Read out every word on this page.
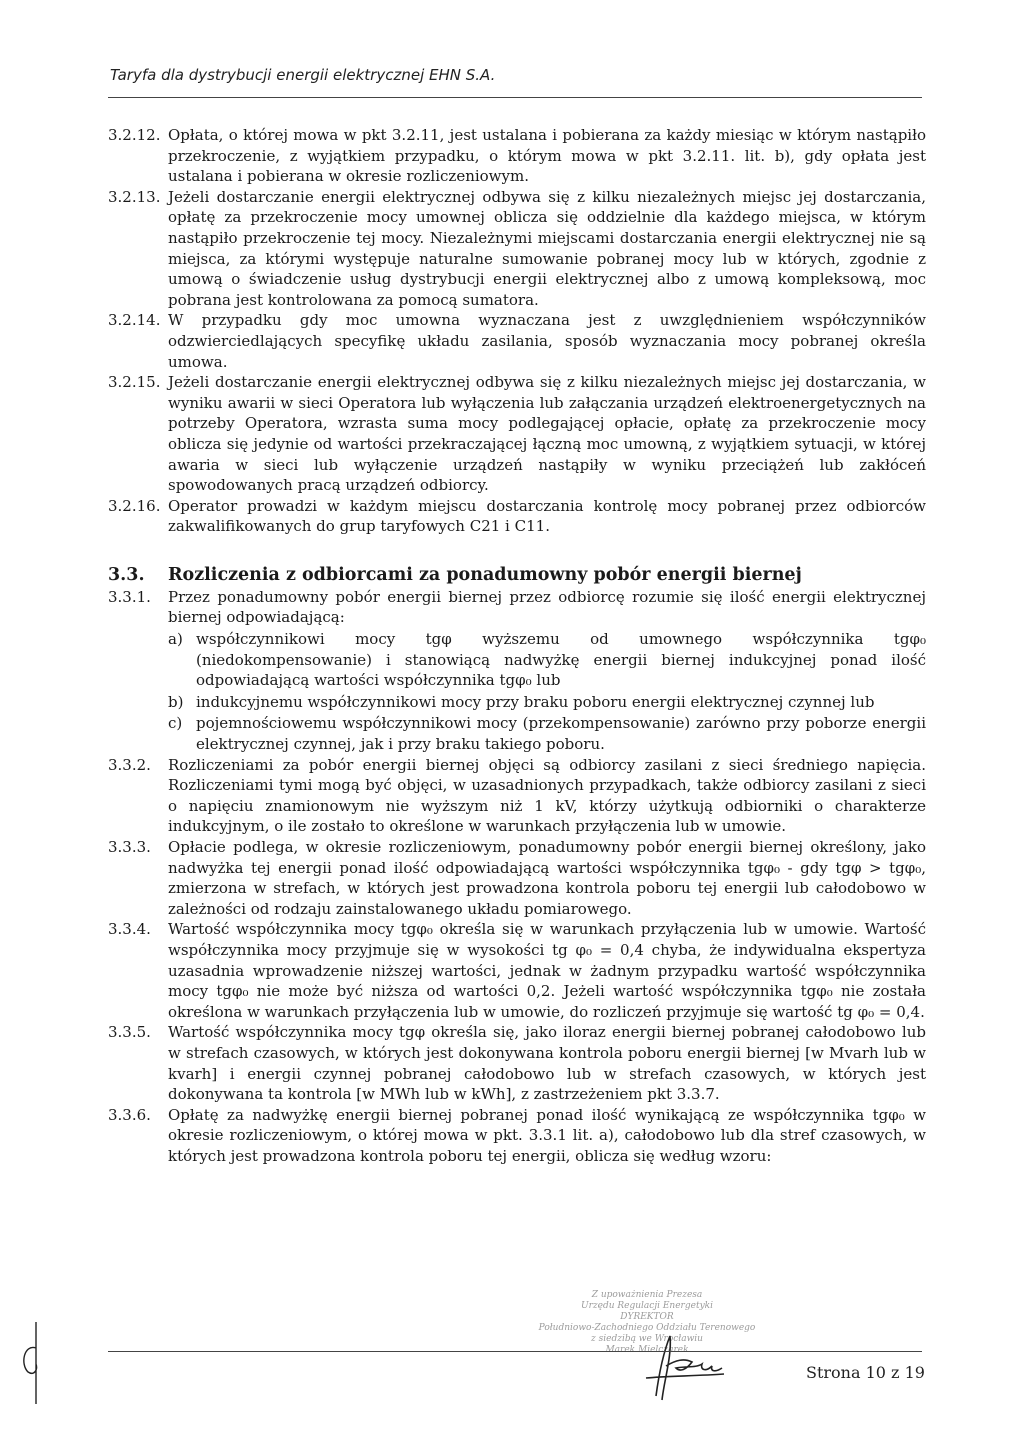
Taryfa dla dystrybucji energii elektrycznej EHN S.A.
3.2.12. Opłata, o której mowa w pkt 3.2.11, jest ustalana i pobierana za każdy miesiąc w którym nastąpiło przekroczenie, z wyjątkiem przypadku, o którym mowa w pkt 3.2.11. lit. b), gdy opłata jest ustalana i pobierana w okresie rozliczeniowym.
3.2.13. Jeżeli dostarczanie energii elektrycznej odbywa się z kilku niezależnych miejsc jej dostarczania, opłatę za przekroczenie mocy umownej oblicza się oddzielnie dla każdego miejsca, w którym nastąpiło przekroczenie tej mocy. Niezależnymi miejscami dostarczania energii elektrycznej nie są miejsca, za którymi występuje naturalne sumowanie pobranej mocy lub w których, zgodnie z umową o świadczenie usług dystrybucji energii elektrycznej albo z umową kompleksową, moc pobrana jest kontrolowana za pomocą sumatora.
3.2.14. W przypadku gdy moc umowna wyznaczana jest z uwzględnieniem współczynników odzwierciedlających specyfikę układu zasilania, sposób wyznaczania mocy pobranej określa umowa.
3.2.15. Jeżeli dostarczanie energii elektrycznej odbywa się z kilku niezależnych miejsc jej dostarczania, w wyniku awarii w sieci Operatora lub wyłączenia lub załączania urządzeń elektroenergetycznych na potrzeby Operatora, wzrasta suma mocy podlegającej opłacie, opłatę za przekroczenie mocy oblicza się jedynie od wartości przekraczającej łączną moc umowną, z wyjątkiem sytuacji, w której awaria w sieci lub wyłączenie urządzeń nastąpiły w wyniku przeciążeń lub zakłóceń spowodowanych pracą urządzeń odbiorcy.
3.2.16. Operator prowadzi w każdym miejscu dostarczania kontrolę mocy pobranej przez odbiorców zakwalifikowanych do grup taryfowych C21 i C11.
3.3.	Rozliczenia z odbiorcami za ponadumowny pobór energii biernej
3.3.1.	Przez ponadumowny pobór energii biernej przez odbiorcę rozumie się ilość energii elektrycznej biernej odpowiadającą:
a) współczynnikowi mocy tgφ wyższemu od umownego współczynnika tgφ₀ (niedokompensowanie) i stanowiącą nadwyżkę energii biernej indukcyjnej ponad ilość odpowiadającą wartości współczynnika tgφ₀ lub
b) indukcyjnemu współczynnikowi mocy przy braku poboru energii elektrycznej czynnej lub
c) pojemnościowemu współczynnikowi mocy (przekompensowanie) zarówno przy poborze energii elektrycznej czynnej, jak i przy braku takiego poboru.
3.3.2.	Rozliczeniami za pobór energii biernej objęci są odbiorcy zasilani z sieci średniego napięcia. Rozliczeniami tymi mogą być objęci, w uzasadnionych przypadkach, także odbiorcy zasilani z sieci o napięciu znamionowym nie wyższym niż 1 kV, którzy użytkują odbiorniki o charakterze indukcyjnym, o ile zostało to określone w warunkach przyłączenia lub w umowie.
3.3.3.	Opłacie podlega, w okresie rozliczeniowym, ponadumowny pobór energii biernej określony, jako nadwyżka tej energii ponad ilość odpowiadającą wartości współczynnika tgφ₀ - gdy tgφ > tgφ₀, zmierzona w strefach, w których jest prowadzona kontrola poboru tej energii lub całodobowo w zależności od rodzaju zainstalowanego układu pomiarowego.
3.3.4.	Wartość współczynnika mocy tgφ₀ określa się w warunkach przyłączenia lub w umowie. Wartość współczynnika mocy przyjmuje się w wysokości tg φ₀ = 0,4 chyba, że indywidualna ekspertyza uzasadnia wprowadzenie niższej wartości, jednak w żadnym przypadku wartość współczynnika mocy tgφ₀ nie może być niższa od wartości 0,2. Jeżeli wartość współczynnika tgφ₀ nie została określona w warunkach przyłączenia lub w umowie, do rozliczeń przyjmuje się wartość tg φ₀ = 0,4.
3.3.5.	Wartość współczynnika mocy tgφ określa się, jako iloraz energii biernej pobranej całodobowo lub w strefach czasowych, w których jest dokonywana kontrola poboru energii biernej [w Mvarh lub w kvarh] i energii czynnej pobranej całodobowo lub w strefach czasowych, w których jest dokonywana ta kontrola [w MWh lub w kWh], z zastrzeżeniem pkt 3.3.7.
3.3.6.	Opłatę za nadwyżkę energii biernej pobranej ponad ilość wynikającą ze współczynnika tgφ₀ w okresie rozliczeniowym, o której mowa w pkt. 3.3.1 lit. a), całodobowo lub dla stref czasowych, w których jest prowadzona kontrola poboru tej energii, oblicza się według wzoru:
Z upoważnienia Prezesa
Urzędu Regulacji Energetyki
DYREKTOR
Południowo-Zachodniego Oddziału Terenowego
z siedzibą we Wrocławiu
Marek Mielczarek
Strona 10 z 19
